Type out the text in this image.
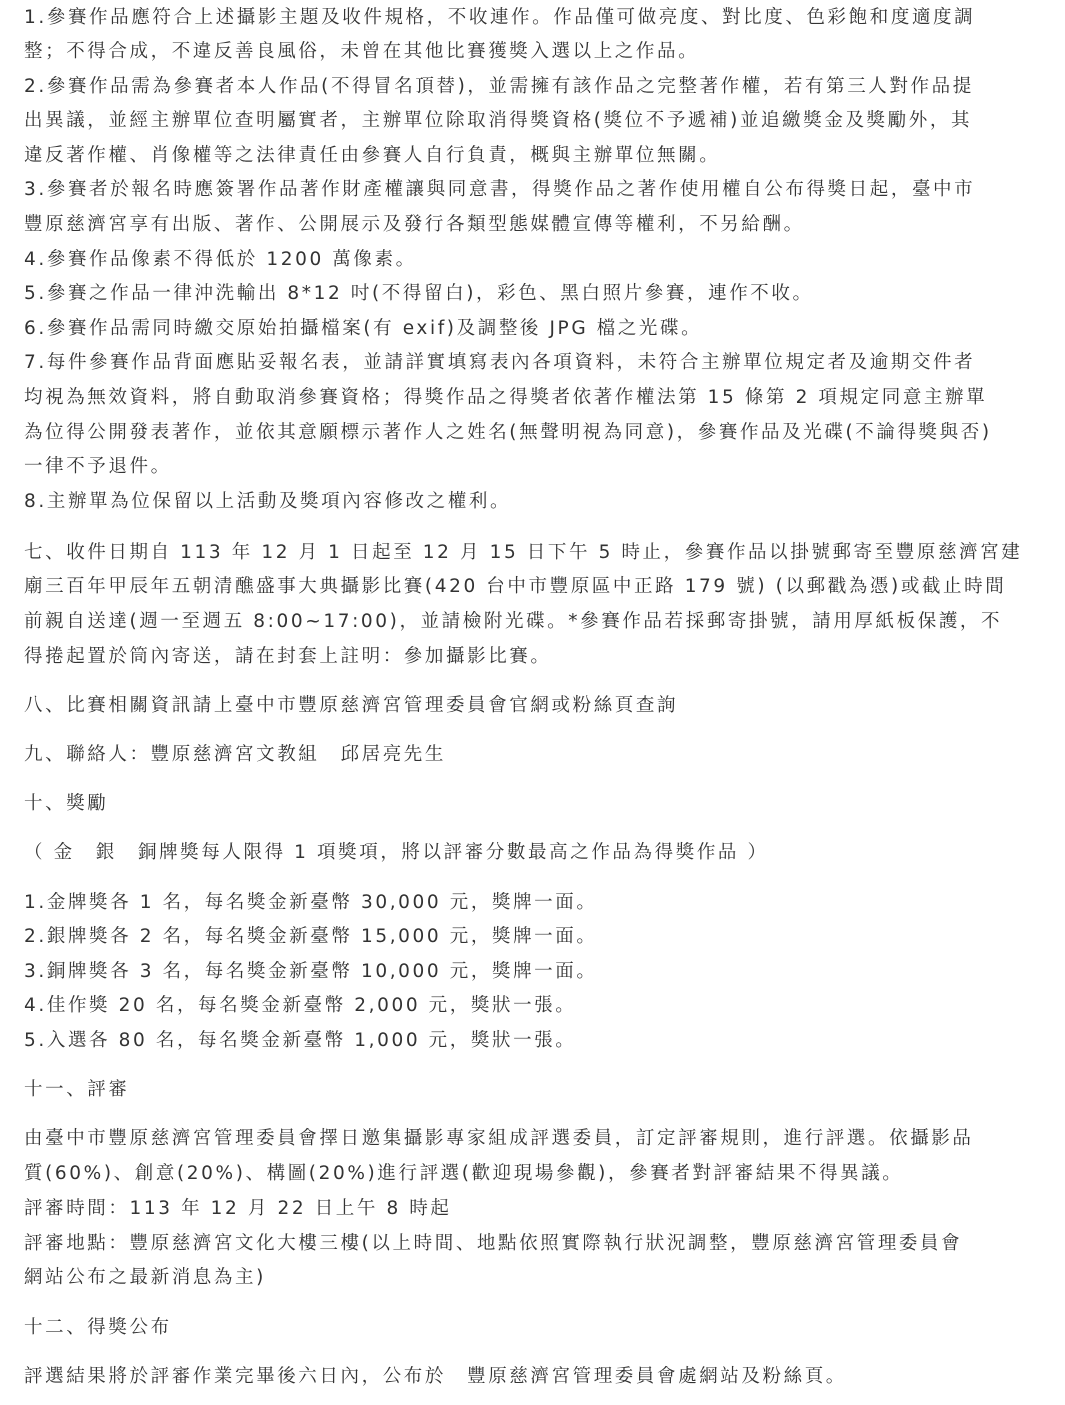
1.參賽作品應符合上述攝影主題及收件規格，不收連作。作品僅可做亮度、對比度、色彩飽和度適度調
整；不得合成，不違反善良風俗，未曾在其他比賽獲獎入選以上之作品。
2.參賽作品需為參賽者本人作品(不得冒名頂替)，並需擁有該作品之完整著作權，若有第三人對作品提
出異議，並經主辦單位查明屬實者，主辦單位除取消得獎資格(獎位不予遞補)並追繳獎金及獎勵外，其
違反著作權、肖像權等之法律責任由參賽人自行負責，概與主辦單位無關。
3.參賽者於報名時應簽署作品著作財產權讓與同意書，得獎作品之著作使用權自公布得獎日起，臺中市
豐原慈濟宮享有出版、著作、公開展示及發行各類型態媒體宣傳等權利，不另給酬。
4.參賽作品像素不得低於 1200 萬像素。
5.參賽之作品一律沖洗輸出 8*12 吋(不得留白)，彩色、黑白照片參賽，連作不收。
6.參賽作品需同時繳交原始拍攝檔案(有 exif)及調整後 JPG 檔之光碟。
7.每件參賽作品背面應貼妥報名表，並請詳實填寫表內各項資料，未符合主辦單位規定者及逾期交件者
均視為無效資料，將自動取消參賽資格；得獎作品之得獎者依著作權法第 15 條第 2 項規定同意主辦單
為位得公開發表著作，並依其意願標示著作人之姓名(無聲明視為同意)，參賽作品及光碟(不論得獎與否)
一律不予退件。
8.主辦單為位保留以上活動及獎項內容修改之權利。
七、收件日期自 113 年 12 月 1 日起至 12 月 15 日下午 5 時止，參賽作品以掛號郵寄至豐原慈濟宮建
廟三百年甲辰年五朝清醮盛事大典攝影比賽(420 台中市豐原區中正路 179 號) (以郵戳為憑)或截止時間
前親自送達(週一至週五 8:00~17:00)，並請檢附光碟。*參賽作品若採郵寄掛號，請用厚紙板保護，不
得捲起置於筒內寄送，請在封套上註明：參加攝影比賽。
八、比賽相關資訊請上臺中市豐原慈濟宮管理委員會官網或粉絲頁查詢
九、聯絡人：豐原慈濟宮文教組　邱居亮先生
十、獎勵
（ 金　銀　銅牌獎每人限得 1 項獎項，將以評審分數最高之作品為得獎作品 ）
1.金牌獎各 1 名，每名獎金新臺幣 30,000 元，獎牌一面。
2.銀牌獎各 2 名，每名獎金新臺幣 15,000 元，獎牌一面。
3.銅牌獎各 3 名，每名獎金新臺幣 10,000 元，獎牌一面。
4.佳作獎 20 名，每名獎金新臺幣 2,000 元，獎狀一張。
5.入選各 80 名，每名獎金新臺幣 1,000 元，獎狀一張。
十一、評審
由臺中市豐原慈濟宮管理委員會擇日邀集攝影專家組成評選委員，訂定評審規則，進行評選。依攝影品
質(60%)、創意(20%)、構圖(20%)進行評選(歡迎現場參觀)，參賽者對評審結果不得異議。
評審時間：113 年 12 月 22 日上午 8 時起
評審地點：豐原慈濟宮文化大樓三樓(以上時間、地點依照實際執行狀況調整，豐原慈濟宮管理委員會
網站公布之最新消息為主)
十二、得獎公布
評選結果將於評審作業完畢後六日內，公布於　豐原慈濟宮管理委員會處網站及粉絲頁。
